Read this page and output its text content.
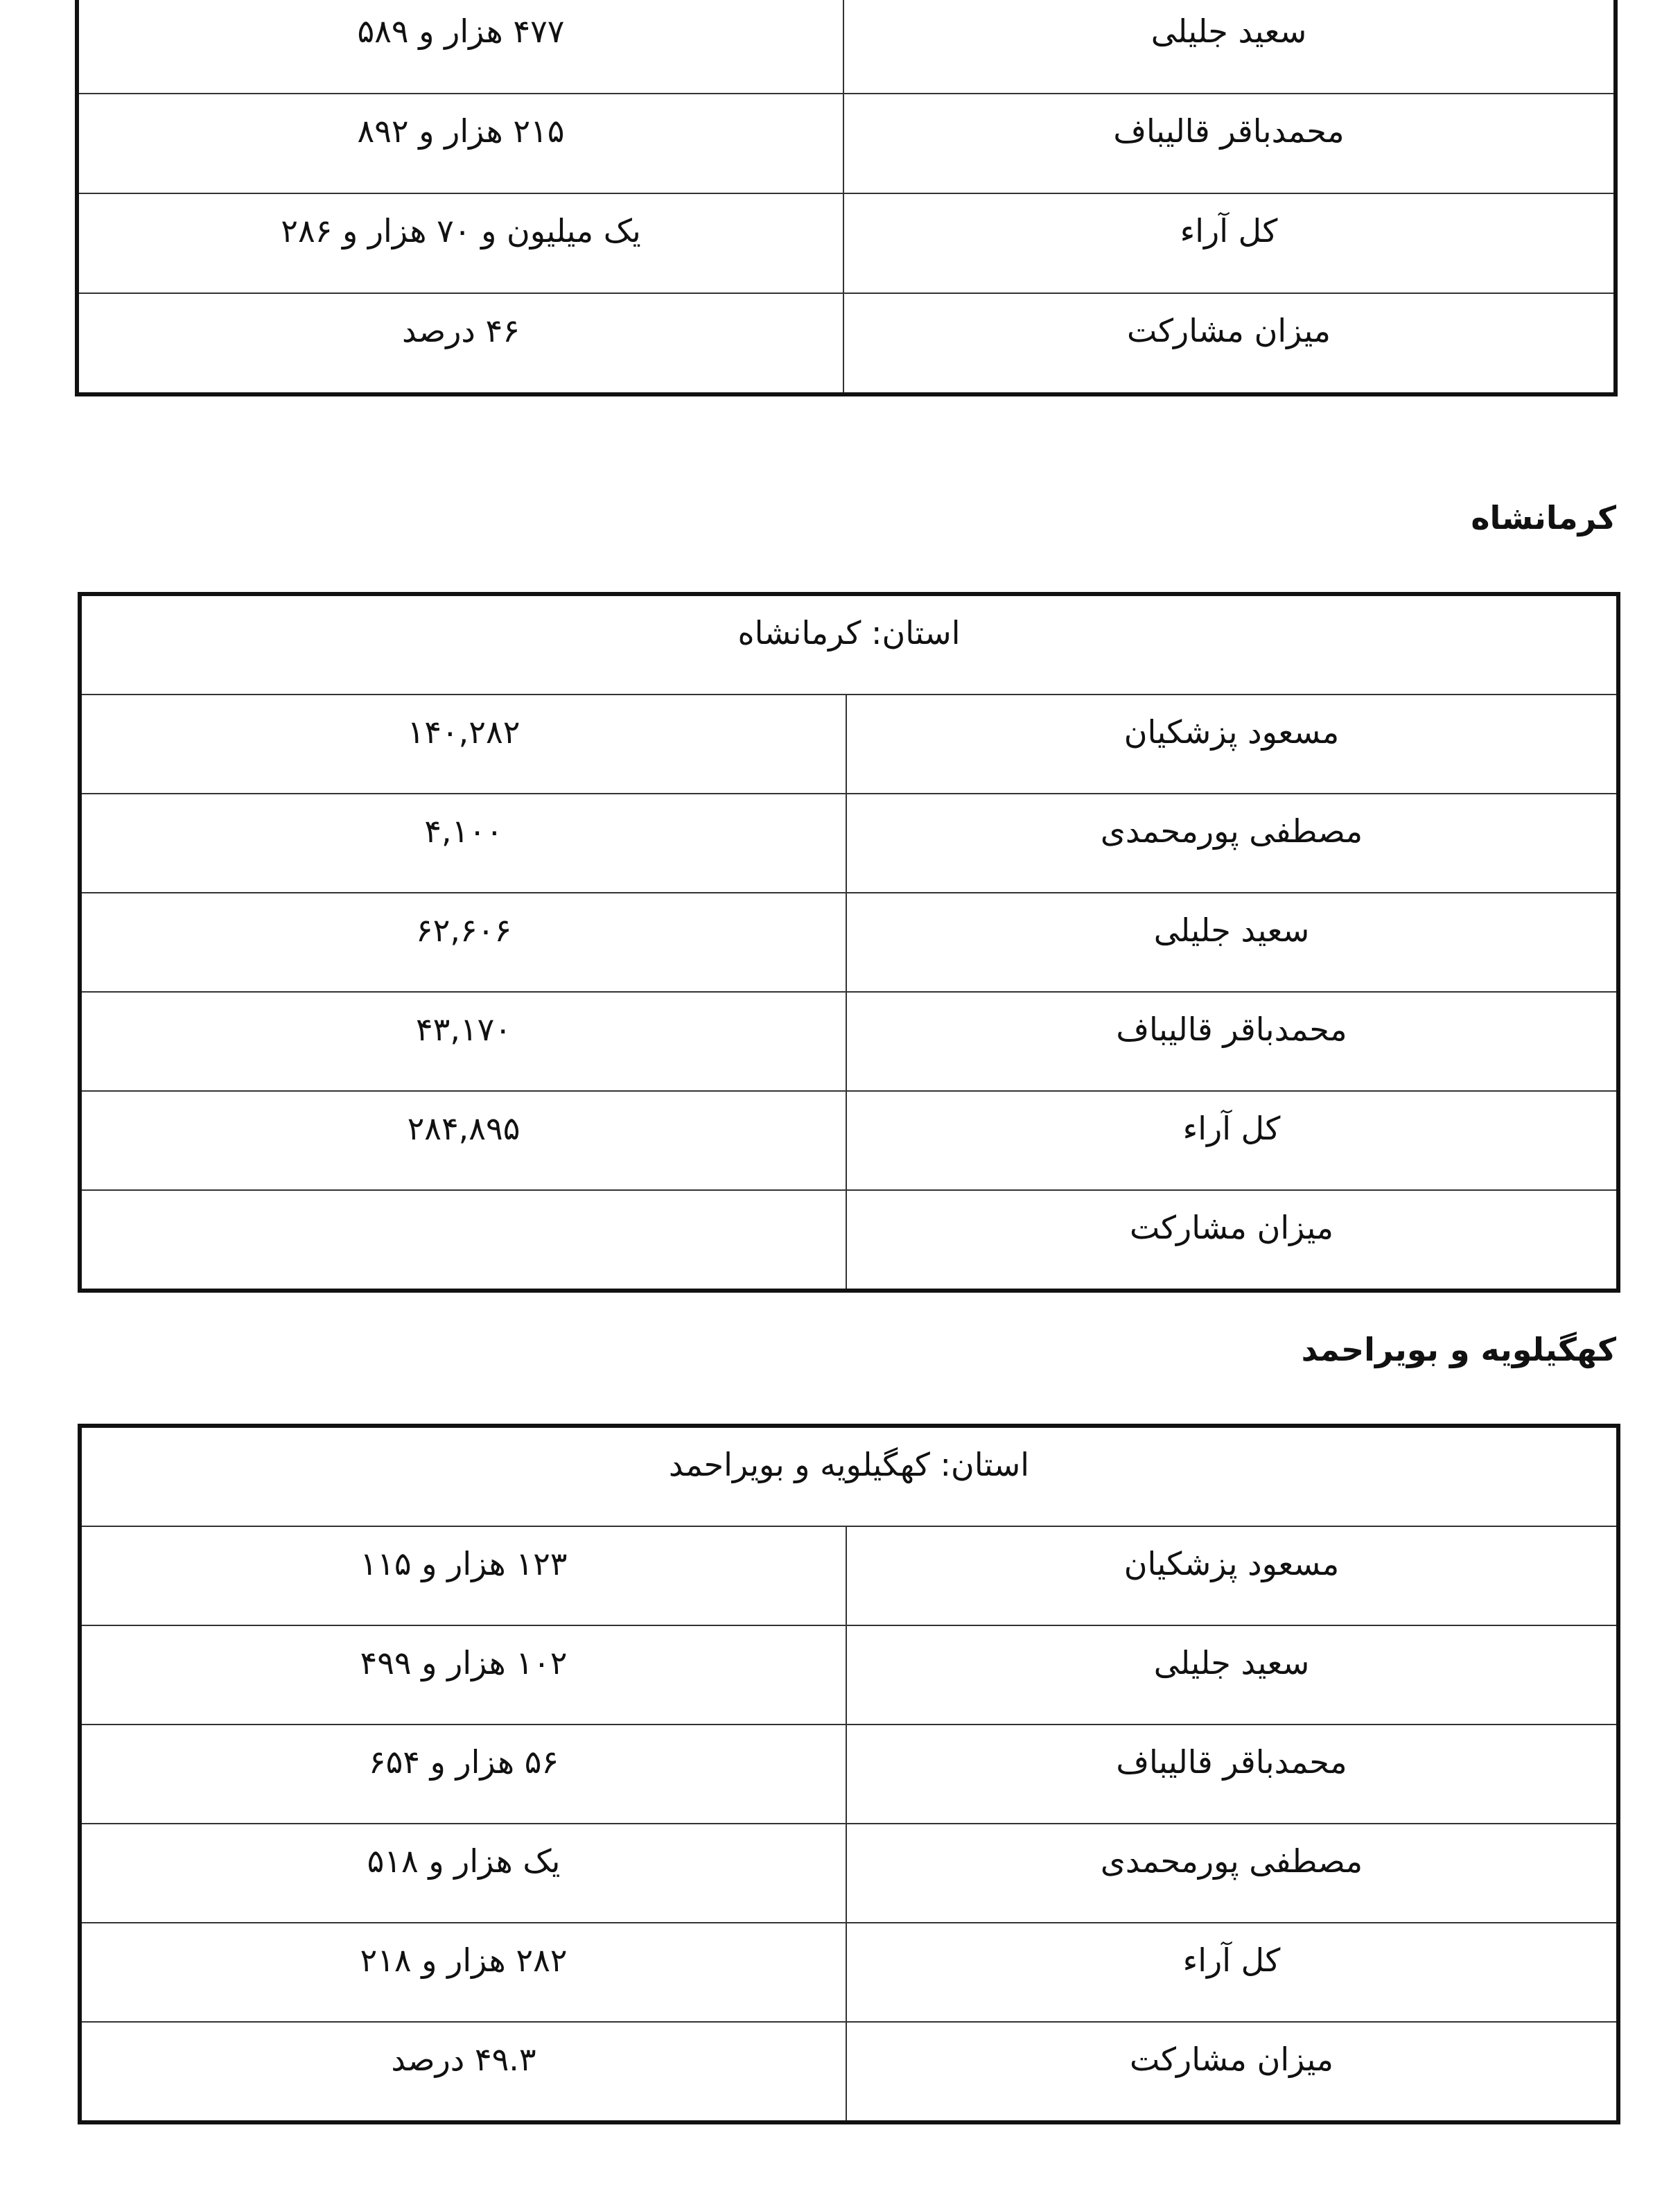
سعید جلیلی	۴۷۷ هزار و ۵۸۹
محمدباقر قالیباف	۲۱۵ هزار و ۸۹۲
کل آراء	یک میلیون و ۷۰ هزار و ۲۸۶
میزان مشارکت	۴۶ درصد
کرمانشاه
استان: کرمانشاه	
مسعود پزشکیان	۱۴۰,۲۸۲
مصطفی پورمحمدی	۴,۱۰۰
سعید جلیلی	۶۲,۶۰۶
محمدباقر قالیباف	۴۳,۱۷۰
کل آراء	۲۸۴,۸۹۵
میزان مشارکت	
کهگیلویه و بویراحمد
استان: کهگیلویه و بویراحمد	
مسعود پزشکیان	۱۲۳ هزار و ۱۱۵
سعید جلیلی	۱۰۲ هزار و ۴۹۹
محمدباقر قالیباف	۵۶ هزار و ۶۵۴
مصطفی پورمحمدی	یک هزار و ۵۱۸
کل آراء	۲۸۲ هزار و ۲۱۸
میزان مشارکت	۴۹.۳ درصد
